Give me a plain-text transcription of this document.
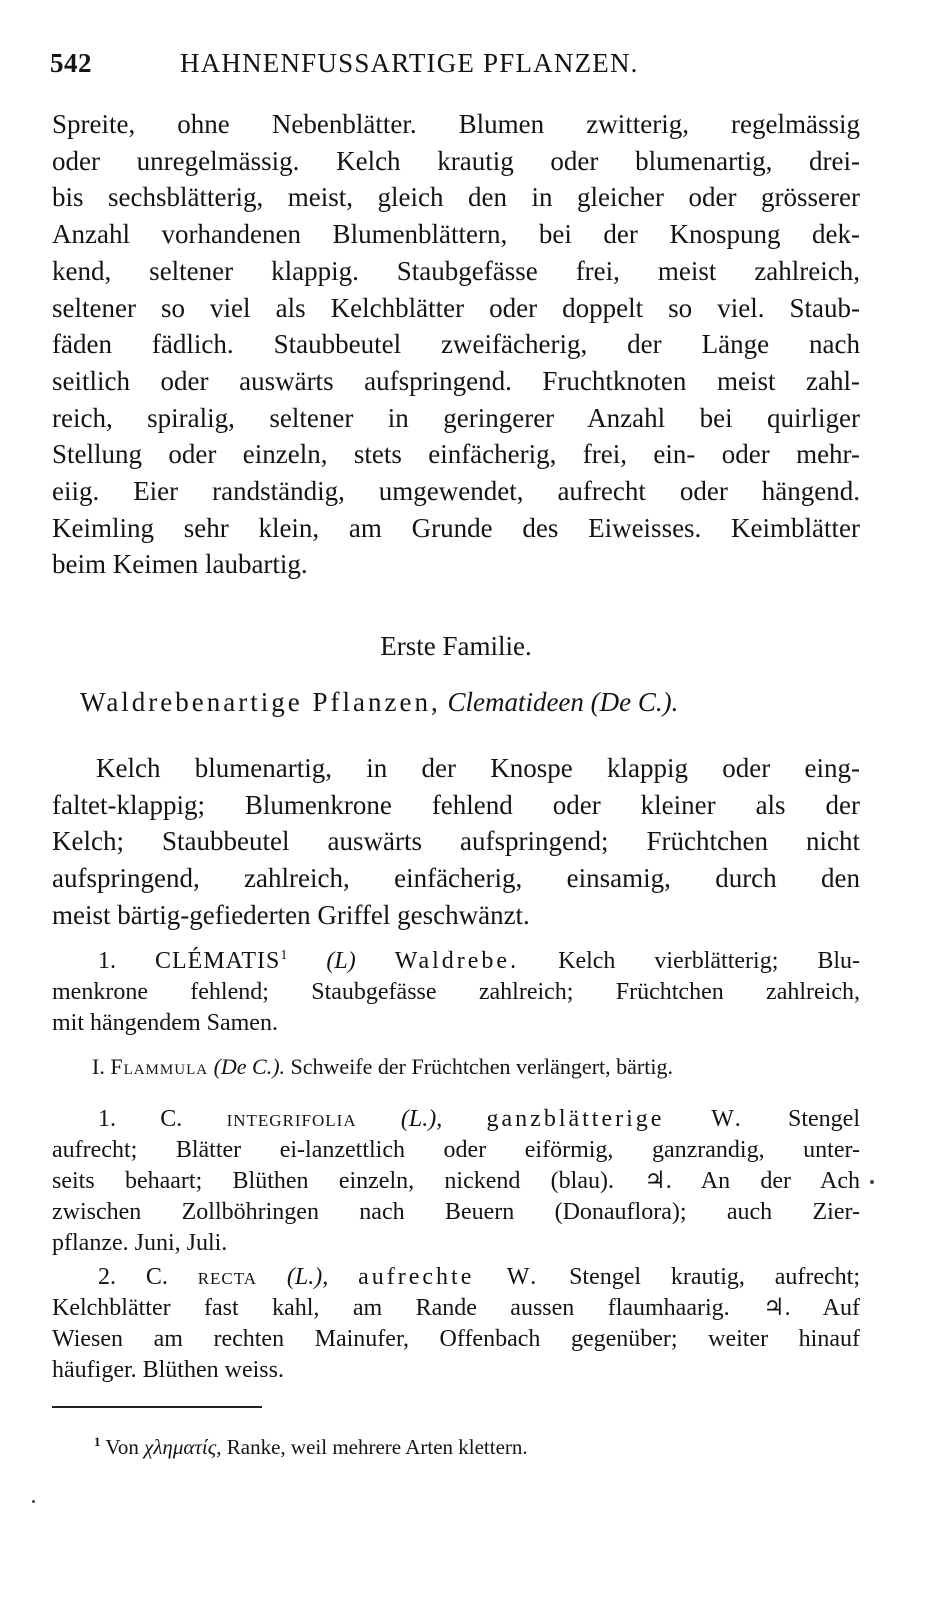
542	HAHNENFUSSARTIGE PFLANZEN.
Spreite, ohne Nebenblätter. Blumen zwitterig, regelmässig
oder unregelmässig. Kelch krautig oder blumenartig, drei-
bis sechsblätterig, meist, gleich den in gleicher oder grösserer
Anzahl vorhandenen Blumenblättern, bei der Knospung dek-
kend, seltener klappig. Staubgefässe frei, meist zahlreich,
seltener so viel als Kelchblätter oder doppelt so viel. Staub-
fäden fädlich. Staubbeutel zweifächerig, der Länge nach
seitlich oder auswärts aufspringend. Fruchtknoten meist zahl-
reich, spiralig, seltener in geringerer Anzahl bei quirliger
Stellung oder einzeln, stets einfächerig, frei, ein- oder mehr-
eiig. Eier randständig, umgewendet, aufrecht oder hängend.
Keimling sehr klein, am Grunde des Eiweisses. Keimblätter
beim Keimen laubartig.
Erste Familie.
Waldrebenartige Pflanzen, Clematideen (De C.).
Kelch blumenartig, in der Knospe klappig oder eing-
faltet-klappig; Blumenkrone fehlend oder kleiner als der
Kelch; Staubbeutel auswärts aufspringend; Früchtchen nicht
aufspringend, zahlreich, einfächerig, einsamig, durch den
meist bärtig-gefiederten Griffel geschwänzt.
1. CLÉMATIS$^1$ (L) Waldrebe. Kelch vierblätterig; Blu-
menkrone fehlend; Staubgefässe zahlreich; Früchtchen zahlreich,
mit hängendem Samen.
I. Flammula (De C.). Schweife der Früchtchen verlängert, bärtig.
1. C. integrifolia (L.), ganzblätterige W. Stengel
aufrecht; Blätter ei-lanzettlich oder eiförmig, ganzrandig, unter-
seits behaart; Blüthen einzeln, nickend (blau). ♃. An der Ach
zwischen Zollböhringen nach Beuern (Donauflora); auch Zier-
pflanze. Juni, Juli.
2. C. recta (L.), aufrechte W. Stengel krautig, aufrecht;
Kelchblätter fast kahl, am Rande aussen flaumhaarig. ♃. Auf
Wiesen am rechten Mainufer, Offenbach gegenüber; weiter hinauf
häufiger. Blüthen weiss.
$^1$ Von χληματίς, Ranke, weil mehrere Arten klettern.
